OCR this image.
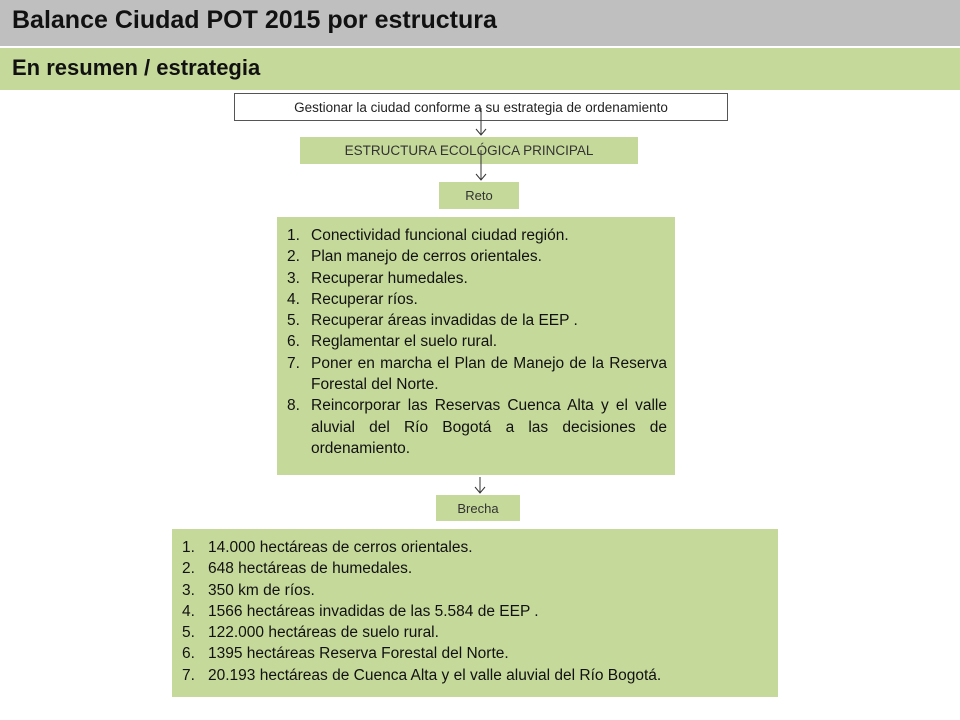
Balance Ciudad POT 2015 por estructura
En resumen / estrategia
Gestionar la ciudad conforme a su estrategia de ordenamiento
ESTRUCTURA ECOLÓGICA PRINCIPAL
Reto
1. Conectividad funcional ciudad región.
2. Plan manejo de cerros orientales.
3. Recuperar humedales.
4. Recuperar ríos.
5. Recuperar áreas invadidas de la EEP .
6. Reglamentar el suelo rural.
7. Poner en marcha el Plan de Manejo de la Reserva Forestal del Norte.
8. Reincorporar las Reservas Cuenca Alta y el valle aluvial del Río Bogotá a las decisiones de ordenamiento.
Brecha
1. 14.000 hectáreas de cerros orientales.
2. 648 hectáreas de humedales.
3. 350 km de ríos.
4. 1566 hectáreas invadidas de las 5.584 de EEP .
5. 122.000 hectáreas de suelo rural.
6. 1395 hectáreas Reserva Forestal del Norte.
7. 20.193 hectáreas de Cuenca Alta y el valle aluvial del Río Bogotá.
